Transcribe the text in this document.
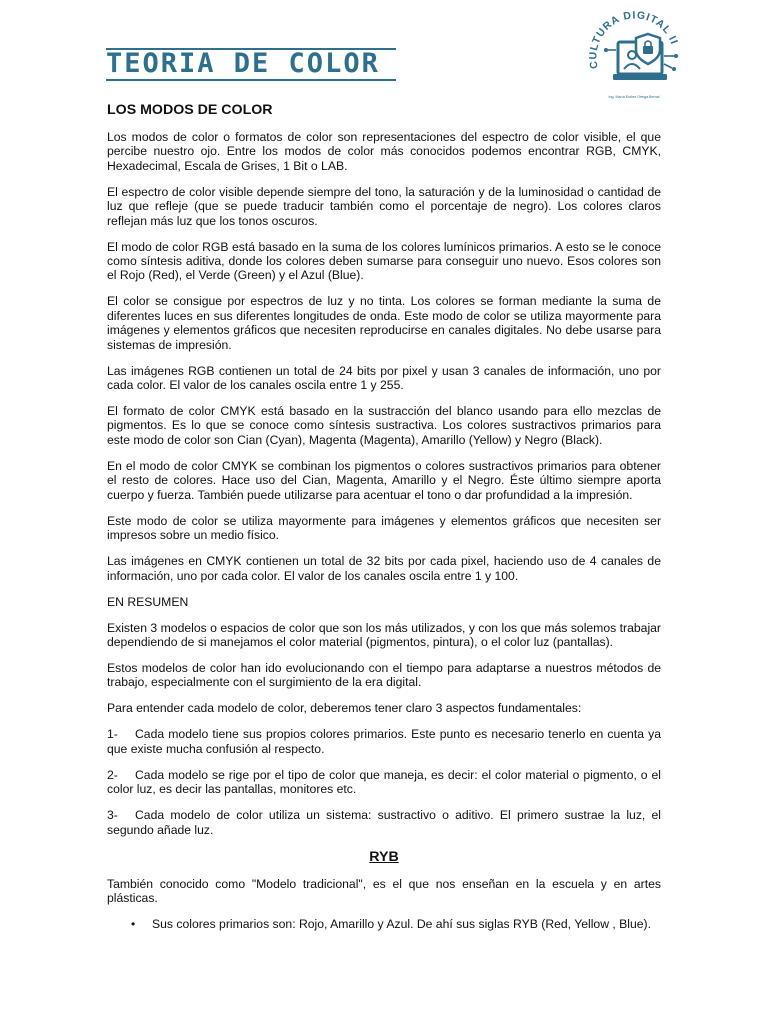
TEORIA DE COLOR	CULTURA DIGITAL II
Ing. María Esther Ortega Bernal
LOS MODOS DE COLOR

Los modos de color o formatos de color son representaciones del espectro de color visible, el que percibe nuestro ojo. Entre los modos de color más conocidos podemos encontrar RGB, CMYK, Hexadecimal, Escala de Grises, 1 Bit o LAB.

El espectro de color visible depende siempre del tono, la saturación y de la luminosidad o cantidad de luz que refleje (que se puede traducir también como el porcentaje de negro). Los colores claros reflejan más luz que los tonos oscuros.

El modo de color RGB está basado en la suma de los colores lumínicos primarios. A esto se le conoce como síntesis aditiva, donde los colores deben sumarse para conseguir uno nuevo. Esos colores son el Rojo (Red), el Verde (Green) y el Azul (Blue).

El color se consigue por espectros de luz y no tinta. Los colores se forman mediante la suma de diferentes luces en sus diferentes longitudes de onda. Este modo de color se utiliza mayormente para imágenes y elementos gráficos que necesiten reproducirse en canales digitales. No debe usarse para sistemas de impresión.

Las imágenes RGB contienen un total de 24 bits por pixel y usan 3 canales de información, uno por cada color. El valor de los canales oscila entre 1 y 255.

El formato de color CMYK está basado en la sustracción del blanco usando para ello mezclas de pigmentos. Es lo que se conoce como síntesis sustractiva. Los colores sustractivos primarios para este modo de color son Cian (Cyan), Magenta (Magenta), Amarillo (Yellow) y Negro (Black).

En el modo de color CMYK se combinan los pigmentos o colores sustractivos primarios para obtener el resto de colores. Hace uso del Cian, Magenta, Amarillo y el Negro. Éste último siempre aporta cuerpo y fuerza. También puede utilizarse para acentuar el tono o dar profundidad a la impresión.

Este modo de color se utiliza mayormente para imágenes y elementos gráficos que necesiten ser impresos sobre un medio físico.

Las imágenes en CMYK contienen un total de 32 bits por cada pixel, haciendo uso de 4 canales de información, uno por cada color. El valor de los canales oscila entre 1 y 100.

EN RESUMEN

Existen 3 modelos o espacios de color que son los más utilizados, y con los que más solemos trabajar dependiendo de si manejamos el color material (pigmentos, pintura), o el color luz (pantallas).

Estos modelos de color han ido evolucionando con el tiempo para adaptarse a nuestros métodos de trabajo, especialmente con el surgimiento de la era digital.

Para entender cada modelo de color, deberemos tener claro 3 aspectos fundamentales:

1- Cada modelo tiene sus propios colores primarios. Este punto es necesario tenerlo en cuenta ya que existe mucha confusión al respecto.

2- Cada modelo se rige por el tipo de color que maneja, es decir: el color material o pigmento, o el color luz, es decir las pantallas, monitores etc.

3- Cada modelo de color utiliza un sistema: sustractivo o aditivo. El primero sustrae la luz, el segundo añade luz.

RYB

También conocido como "Modelo tradicional", es el que nos enseñan en la escuela y en artes plásticas.

• Sus colores primarios son: Rojo, Amarillo y Azul. De ahí sus siglas RYB (Red, Yellow , Blue).
